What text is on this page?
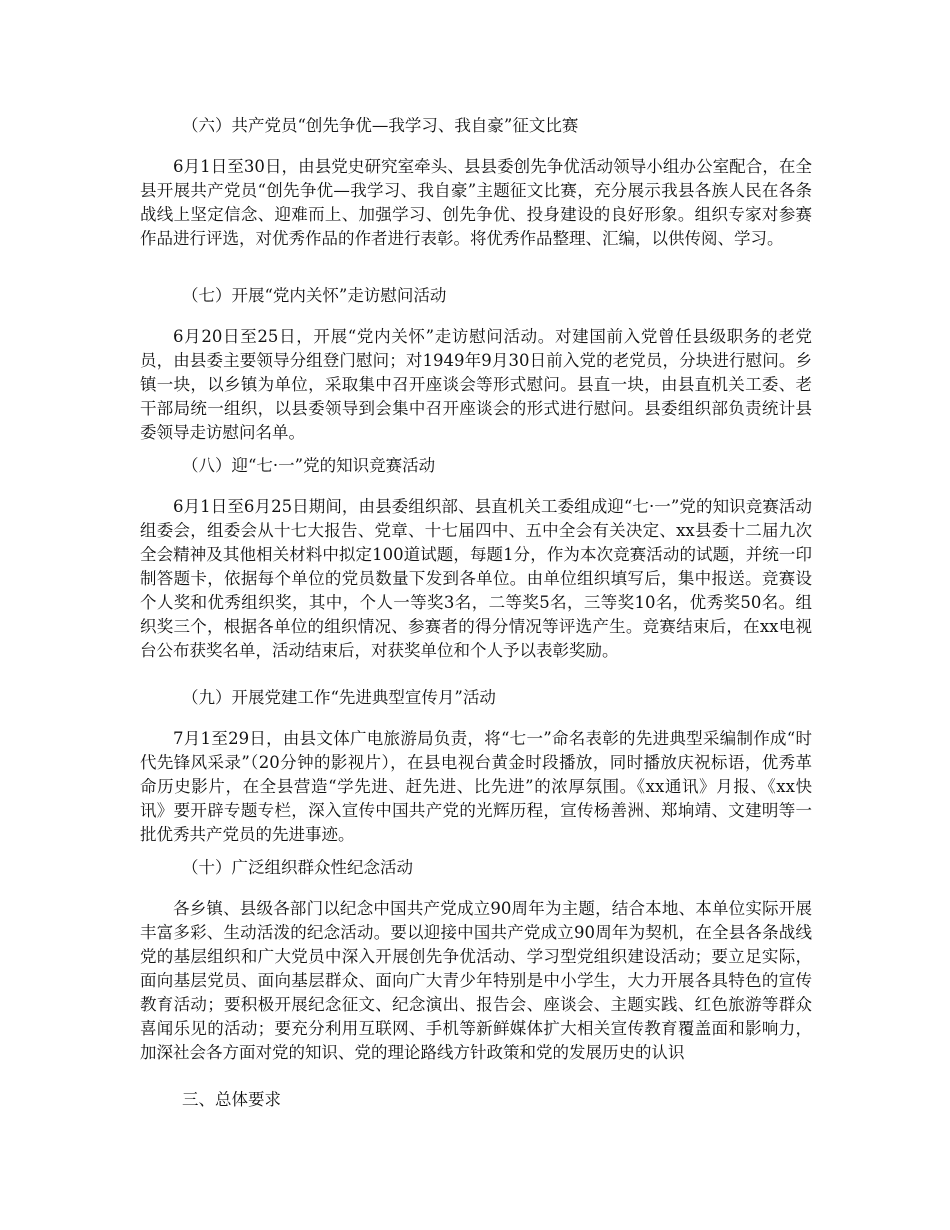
（六）共产党员“创先争优—我学习、我自豪”征文比赛

6月1日至30日，由县党史研究室牵头、县县委创先争优活动领导小组办公室配合，在全县开展共产党员“创先争优—我学习、我自豪”主题征文比赛，充分展示我县各族人民在各条战线上坚定信念、迎难而上、加强学习、创先争优、投身建设的良好形象。组织专家对参赛作品进行评选，对优秀作品的作者进行表彰。将优秀作品整理、汇编，以供传阅、学习。

（七）开展“党内关怀”走访慰问活动

6月20日至25日，开展“党内关怀”走访慰问活动。对建国前入党曾任县级职务的老党员，由县委主要领导分组登门慰问；对1949年9月30日前入党的老党员，分块进行慰问。乡镇一块，以乡镇为单位，采取集中召开座谈会等形式慰问。县直一块，由县直机关工委、老干部局统一组织，以县委领导到会集中召开座谈会的形式进行慰问。县委组织部负责统计县委领导走访慰问名单。

（八）迎“七·一”党的知识竞赛活动

6月1日至6月25日期间，由县委组织部、县直机关工委组成迎“七·一”党的知识竞赛活动组委会，组委会从十七大报告、党章、十七届四中、五中全会有关决定、xx县委十二届九次全会精神及其他相关材料中拟定100道试题，每题1分，作为本次竞赛活动的试题，并统一印制答题卡，依据每个单位的党员数量下发到各单位。由单位组织填写后，集中报送。竞赛设个人奖和优秀组织奖，其中，个人一等奖3名，二等奖5名，三等奖10名，优秀奖50名。组织奖三个，根据各单位的组织情况、参赛者的得分情况等评选产生。竞赛结束后，在xx电视台公布获奖名单，活动结束后，对获奖单位和个人予以表彰奖励。

（九）开展党建工作“先进典型宣传月”活动

7月1至29日，由县文体广电旅游局负责，将“七一”命名表彰的先进典型采编制作成“时代先锋风采录”（20分钟的影视片），在县电视台黄金时段播放，同时播放庆祝标语，优秀革命历史影片，在全县营造“学先进、赶先进、比先进”的浓厚氛围。《xx通讯》月报、《xx快讯》要开辟专题专栏，深入宣传中国共产党的光辉历程，宣传杨善洲、郑垧靖、文建明等一批优秀共产党员的先进事迹。

（十）广泛组织群众性纪念活动

各乡镇、县级各部门以纪念中国共产党成立90周年为主题，结合本地、本单位实际开展丰富多彩、生动活泼的纪念活动。要以迎接中国共产党成立90周年为契机，在全县各条战线党的基层组织和广大党员中深入开展创先争优活动、学习型党组织建设活动；要立足实际，面向基层党员、面向基层群众、面向广大青少年特别是中小学生，大力开展各具特色的宣传教育活动；要积极开展纪念征文、纪念演出、报告会、座谈会、主题实践、红色旅游等群众喜闻乐见的活动；要充分利用互联网、手机等新鲜媒体扩大相关宣传教育覆盖面和影响力，加深社会各方面对党的知识、党的理论路线方针政策和党的发展历史的认识

三、总体要求
